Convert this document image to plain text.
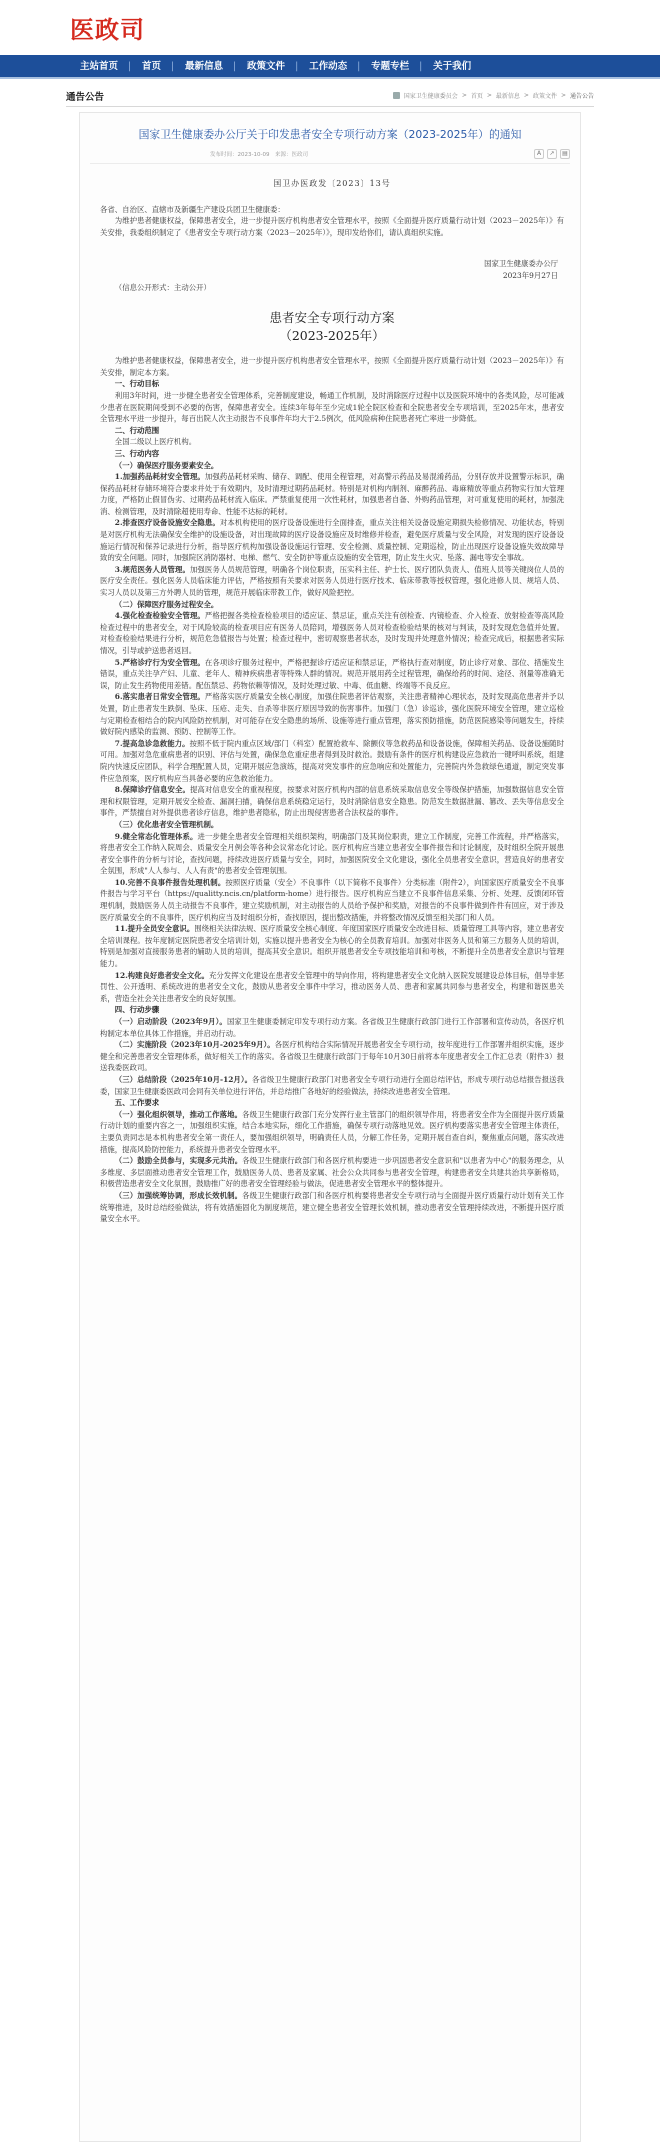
医政司
主站首页	| 首页	| 最新信息	| 政策文件	| 工作动态	| 专题专栏	| 关于我们
通告公告	国家卫生健康委员会 > 首页 > 最新信息 > 政策文件 > 通告公告
国家卫生健康委办公厅关于印发患者安全专项行动方案（2023-2025年）的通知
发布时间：2023-10-09　来源：医政司	A	↗	▤
国卫办医政发〔2023〕13号
各省、自治区、直辖市及新疆生产建设兵团卫生健康委：
为维护患者健康权益，保障患者安全，进一步提升医疗机构患者安全管理水平，按照《全面提升医疗质量行动计划（2023－2025年）》有关安排，我委组织制定了《患者安全专项行动方案（2023－2025年）》，现印发给你们，请认真组织实施。
国家卫生健康委办公厅
2023年9月27日
（信息公开形式：主动公开）
患者安全专项行动方案
（2023-2025年）
为维护患者健康权益，保障患者安全，进一步提升医疗机构患者安全管理水平，按照《全面提升医疗质量行动计划（2023－2025年）》有关安排，制定本方案。
一、行动目标
利用3年时间，进一步健全患者安全管理体系，完善制度建设，畅通工作机制，及时消除医疗过程中以及医院环境中的各类风险，尽可能减少患者在医院期间受到不必要的伤害，保障患者安全。连续3年每年至少完成1轮全院区检查和全院患者安全专项培训，至2025年末，患者安全管理水平进一步提升，每百出院人次主动报告不良事件年均大于2.5例次，低风险病种住院患者死亡率进一步降低。
二、行动范围
全国二级以上医疗机构。
三、行动内容
（一）确保医疗服务要素安全。
1.加强药品耗材安全管理。加强药品耗材采购、储存、调配、使用全程管理，对高警示药品及易混淆药品，分别存放并设置警示标识，确保药品耗材存储环境符合要求并处于有效期内，及时清理过期药品耗材。特别是对机构内制剂、麻醉药品、毒麻精放等重点药物实行加大管理力度，严格防止假冒伪劣、过期药品耗材流入临床。严禁重复使用一次性耗材，加强患者自备、外购药品管理，对可重复使用的耗材，加强洗消、检测管理，及时清除超使用寿命、性能不达标的耗材。
2.排查医疗设备设施安全隐患。对本机构使用的医疗设备设施进行全面排查，重点关注相关设备设施定期损失检修情况、功能状态，特别是对医疗机构无法确保安全维护的设施设备，对出现故障的医疗设备设施应及时维修并检查，避免医疗质量与安全风险，对发现的医疗设备设施运行情况和保养记录进行分析，指导医疗机构加强设备设施运行管理、安全检测、质量控制、定期巡检，防止出现医疗设备设施失效故障导致的安全问题。同时，加强院区消防器材、电梯、燃气、安全防护等重点设施的安全管理，防止发生火灾、坠落、漏电等安全事故。
3.规范医务人员管理。加强医务人员规范管理，明确各个岗位职责，压实科主任、护士长、医疗团队负责人、值班人员等关键岗位人员的医疗安全责任。强化医务人员临床能力评估，严格按照有关要求对医务人员进行医疗技术、临床带教等授权管理，强化进修人员、规培人员、实习人员以及第三方外聘人员的管理，规范开展临床带教工作，做好风险把控。
（二）保障医疗服务过程安全。
4.强化检查检验安全管理。严格把握各类检查检验项目的适应证、禁忌证，重点关注有创检查、内镜检查、介入检查、放射检查等高风险检查过程中的患者安全，对于风险较高的检查项目应有医务人员陪同，增强医务人员对检查检验结果的核对与判读，及时发现危急值并处置。对检查检验结果进行分析，规范危急值报告与处置；检查过程中，密切观察患者状态，及时发现并处理意外情况；检查完成后，根据患者实际情况，引导或护送患者返回。
5.严格诊疗行为安全管理。在各项诊疗服务过程中，严格把握诊疗适应证和禁忌证，严格执行查对制度，防止诊疗对象、部位、措施发生错误，重点关注孕产妇、儿童、老年人、精神疾病患者等特殊人群的情况。规范开展用药全过程管理，确保给药的时间、途径、剂量等准确无误，防止发生药物使用差错。配伍禁忌、药物依赖等情况，及时处理过敏、中毒、低血糖、终端等不良反应。
6.落实患者日常安全管理。严格落实医疗质量安全核心制度，加强住院患者评估观察，关注患者精神心理状态，及时发现高危患者并予以处置，防止患者发生跌倒、坠床、压疮、走失、自杀等非医疗原因导致的伤害事件。加强门（急）诊巡诊，强化医院环境安全管理，建立巡检与定期检查相结合的院内风险防控机制，对可能存在安全隐患的场所、设施等进行重点管理，落实预防措施，防范医院感染等问题发生，持续做好院内感染的监测、预防、控制等工作。
7.提高急诊急救能力。按照不低于院内重点区域/部门（科室）配置抢救车、除颤仪等急救药品和设备设施，保障相关药品、设备设施随时可用。加强对急危重病患者的识别、评估与处置，确保急危重症患者得到及时救治。鼓励有条件的医疗机构建设应急救治一键呼叫系统，组建院内快速反应团队，科学合理配置人员，定期开展应急演练，提高对突发事件的应急响应和处置能力，完善院内外急救绿色通道，制定突发事件应急预案，医疗机构应当具备必要的应急救治能力。
8.保障诊疗信息安全。提高对信息安全的重视程度，按要求对医疗机构内部的信息系统采取信息安全等级保护措施，加强数据信息安全管理和权限管理，定期开展安全检查、漏洞扫描，确保信息系统稳定运行，及时消除信息安全隐患。防范发生数据泄漏、篡改、丢失等信息安全事件，严禁擅自对外提供患者诊疗信息，维护患者隐私，防止出现侵害患者合法权益的事件。
（三）优化患者安全管理机制。
9.健全常态化管理体系。进一步健全患者安全管理相关组织架构，明确部门及其岗位职责，建立工作制度，完善工作流程，并严格落实，将患者安全工作纳入院周会、质量安全月例会等各种会议常态化讨论。医疗机构应当建立患者安全事件报告和讨论制度，及时组织全院开展患者安全事件的分析与讨论，查找问题，持续改进医疗质量与安全，同时，加强医院安全文化建设，强化全员患者安全意识，营造良好的患者安全氛围，形成"人人参与、人人有责"的患者安全管理氛围。
10.完善不良事件报告处理机制。按照医疗质量（安全）不良事件（以下简称不良事件）分类标准（附件2），向国家医疗质量安全不良事件报告与学习平台（https://qualitty.ncis.cn/platform-home）进行报告。医疗机构应当建立不良事件信息采集、分析、处理、反馈闭环管理机制，鼓励医务人员主动报告不良事件，建立奖励机制，对主动报告的人员给予保护和奖励，对报告的不良事件做到件件有回应，对于涉及医疗质量安全的不良事件，医疗机构应当及时组织分析，查找原因，提出整改措施，并将整改情况反馈至相关部门和人员。
11.提升全员安全意识。围绕相关法律法规、医疗质量安全核心制度、年度国家医疗质量安全改进目标、质量管理工具等内容，建立患者安全培训课程。按年度制定医院患者安全培训计划，实施以提升患者安全为核心的全员教育培训。加强对非医务人员和第三方服务人员的培训，特别是加强对直接服务患者的辅助人员的培训，提高其安全意识。组织开展患者安全专项技能培训和考核，不断提升全员患者安全意识与管理能力。
12.构建良好患者安全文化。充分发挥文化建设在患者安全管理中的导向作用，将构建患者安全文化纳入医院发展建设总体目标，倡导非惩罚性、公开透明、系统改进的患者安全文化，鼓励从患者安全事件中学习，推动医务人员、患者和家属共同参与患者安全，构建和谐医患关系，营造全社会关注患者安全的良好氛围。
四、行动步骤
（一）启动阶段（2023年9月）。国家卫生健康委制定印发专项行动方案。各省级卫生健康行政部门进行工作部署和宣传动员，各医疗机构制定本单位具体工作措施，并启动行动。
（二）实施阶段（2023年10月-2025年9月）。各医疗机构结合实际情况开展患者安全专项行动，按年度进行工作部署并组织实施，逐步健全和完善患者安全管理体系，做好相关工作的落实。各省级卫生健康行政部门于每年10月30日前将本年度患者安全工作汇总表（附件3）报送我委医政司。
（三）总结阶段（2025年10月-12月）。各省级卫生健康行政部门对患者安全专项行动进行全面总结评估，形成专项行动总结报告报送我委，国家卫生健康委医政司会同有关单位进行评估，并总结推广各地好的经验做法，持续改进患者安全管理。
五、工作要求
（一）强化组织领导，推动工作落地。各级卫生健康行政部门充分发挥行业主管部门的组织领导作用，将患者安全作为全面提升医疗质量行动计划的重要内容之一，加强组织实施，结合本地实际，细化工作措施，确保专项行动落地见效。医疗机构要落实患者安全管理主体责任，主要负责同志是本机构患者安全第一责任人，要加强组织领导，明确责任人员，分解工作任务，定期开展自查自纠，聚焦重点问题，落实改进措施，提高风险防控能力，系统提升患者安全管理水平。
（二）鼓励全员参与，实现多元共治。各级卫生健康行政部门和各医疗机构要进一步巩固患者安全意识和"以患者为中心"的服务理念，从多维度、多层面推动患者安全管理工作，鼓励医务人员、患者及家属、社会公众共同参与患者安全管理，构建患者安全共建共治共享新格局，积极营造患者安全文化氛围，鼓励推广好的患者安全管理经验与做法，促进患者安全管理水平的整体提升。
（三）加强统筹协调，形成长效机制。各级卫生健康行政部门和各医疗机构要将患者安全专项行动与全面提升医疗质量行动计划有关工作统筹推进，及时总结经验做法，将有效措施固化为制度规范，建立健全患者安全管理长效机制，推动患者安全管理持续改进，不断提升医疗质量安全水平。
